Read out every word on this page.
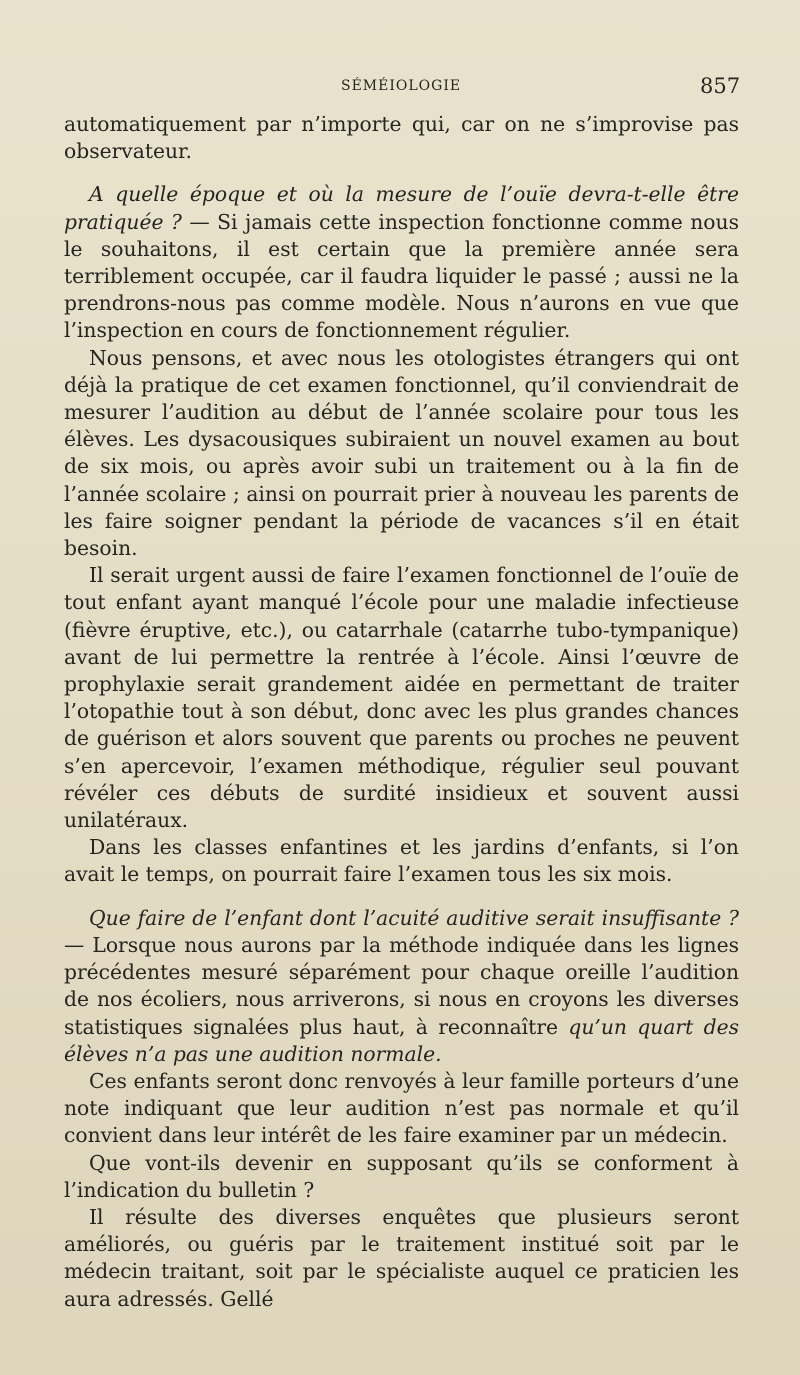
SÉMÉIOLOGIE	857

automatiquement par n’importe qui, car on ne s’improvise pas observateur.

A quelle époque et où la mesure de l’ouïe devra-t-elle être pratiquée ? — Si jamais cette inspection fonctionne comme nous le souhaitons, il est certain que la première année sera terriblement occupée, car il faudra liquider le passé ; aussi ne la prendrons-nous pas comme modèle. Nous n’aurons en vue que l’inspection en cours de fonctionnement régulier.

Nous pensons, et avec nous les otologistes étrangers qui ont déjà la pratique de cet examen fonctionnel, qu’il conviendrait de mesurer l’audition au début de l’année scolaire pour tous les élèves. Les dysacousiques subiraient un nouvel examen au bout de six mois, ou après avoir subi un traitement ou à la fin de l’année scolaire ; ainsi on pourrait prier à nouveau les parents de les faire soigner pendant la période de vacances s’il en était besoin.

Il serait urgent aussi de faire l’examen fonctionnel de l’ouïe de tout enfant ayant manqué l’école pour une maladie infectieuse (fièvre éruptive, etc.), ou catarrhale (catarrhe tubo-tympanique) avant de lui permettre la rentrée à l’école. Ainsi l’œuvre de prophylaxie serait grandement aidée en permettant de traiter l’otopathie tout à son début, donc avec les plus grandes chances de guérison et alors souvent que parents ou proches ne peuvent s’en apercevoir, l’examen méthodique, régulier seul pouvant révéler ces débuts de surdité insidieux et souvent aussi unilatéraux.

Dans les classes enfantines et les jardins d’enfants, si l’on avait le temps, on pourrait faire l’examen tous les six mois.

Que faire de l’enfant dont l’acuité auditive serait insuffisante ? — Lorsque nous aurons par la méthode indiquée dans les lignes précédentes mesuré séparément pour chaque oreille l’audition de nos écoliers, nous arriverons, si nous en croyons les diverses statistiques signalées plus haut, à reconnaître qu’un quart des élèves n’a pas une audition normale.

Ces enfants seront donc renvoyés à leur famille porteurs d’une note indiquant que leur audition n’est pas normale et qu’il convient dans leur intérêt de les faire examiner par un médecin.

Que vont-ils devenir en supposant qu’ils se conforment à l’indication du bulletin ?

Il résulte des diverses enquêtes que plusieurs seront améliorés, ou guéris par le traitement institué soit par le médecin traitant, soit par le spécialiste auquel ce praticien les aura adressés. Gellé
